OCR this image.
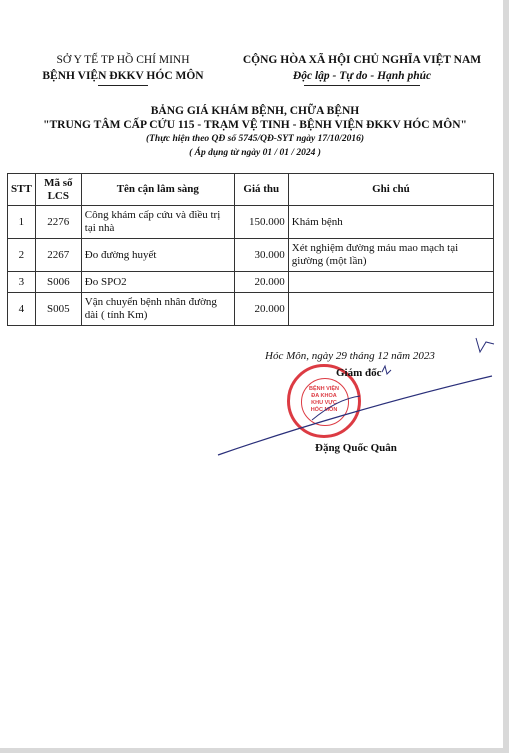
SỞ Y TẾ TP HỒ CHÍ MINH
BỆNH VIỆN ĐKKV HÓC MÔN
CỘNG HÒA XÃ HỘI CHỦ NGHĨA VIỆT NAM
Độc lập - Tự do - Hạnh phúc
BẢNG GIÁ KHÁM BỆNH, CHỮA BỆNH
"TRUNG TÂM CẤP CỨU 115 - TRẠM VỆ TINH - BỆNH VIỆN ĐKKV HÓC MÔN"
(Thực hiện theo QĐ số 5745/QĐ-SYT ngày 17/10/2016)
( Áp dụng từ ngày 01 / 01 / 2024 )
STT	Mã số LCS	Tên cận lâm sàng	Giá thu	Ghi chú
1	2276	Công khám cấp cứu và điều trị tại nhà	150.000	Khám bệnh
2	2267	Đo đường huyết	30.000	Xét nghiệm đường máu mao mạch tại giường (một lần)
3	S006	Đo SPO2	20.000	
4	S005	Vận chuyển bệnh nhân đường dài ( tính Km)	20.000	
Hóc Môn, ngày 29 tháng 12 năm 2023
BỆNH VIỆN
ĐA KHOA
KHU VỰC
HÓC MÔN
Giám đốc
Đặng Quốc Quân
